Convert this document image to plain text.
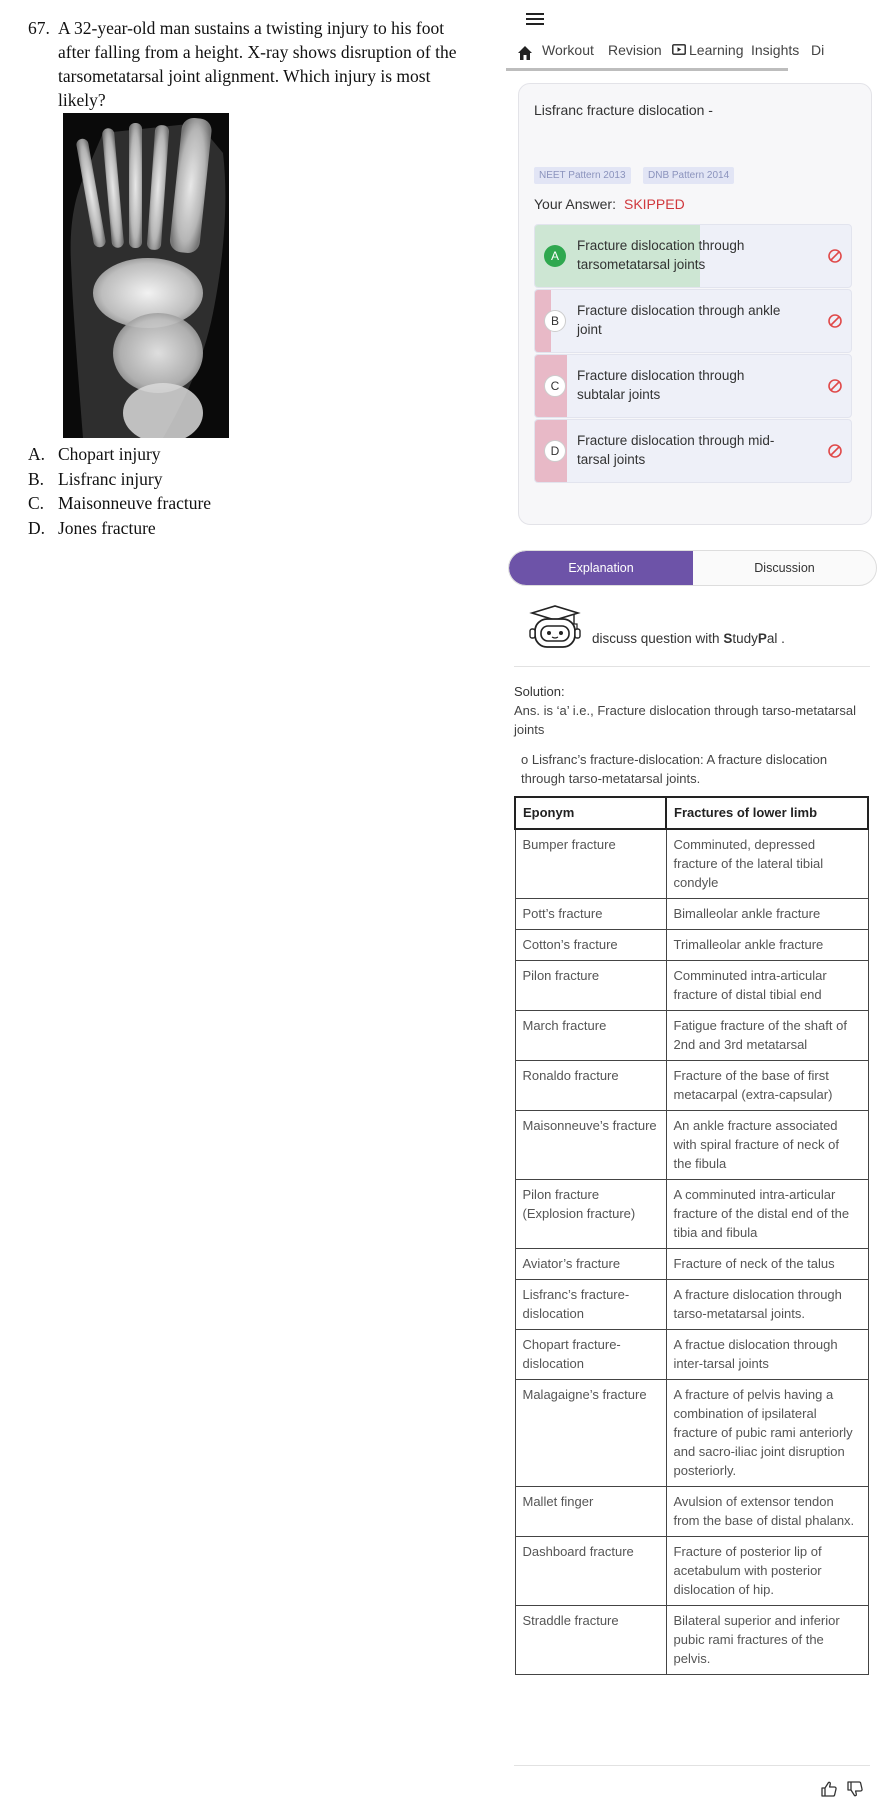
67. A 32-year-old man sustains a twisting injury to his foot after falling from a height. X-ray shows disruption of the tarsometatarsal joint alignment. Which injury is most likely?
A. Chopart injury
B. Lisfranc injury
C. Maisonneuve fracture
D. Jones fracture
Workout Revision	Learning Insights Di
Lisfranc fracture dislocation -
NEET Pattern 2013 DNB Pattern 2014
Your Answer: SKIPPED
A
Fracture dislocation through tarsometatarsal joints
B
Fracture dislocation through ankle joint
C
Fracture dislocation through subtalar joints
D
Fracture dislocation through mid-tarsal joints
Explanation	Discussion
discuss question with StudyPal .
Solution:
Ans. is ‘a’ i.e., Fracture dislocation through tarso-metatarsal joints
o Lisfranc’s fracture-dislocation: A fracture dislocation through tarso-metatarsal joints.
Eponym	Fractures of lower limb
Bumper fracture	Comminuted, depressed fracture of the lateral tibial condyle
Pott’s fracture	Bimalleolar ankle fracture
Cotton’s fracture	Trimalleolar ankle fracture
Pilon fracture	Comminuted intra-articular fracture of distal tibial end
March fracture	Fatigue fracture of the shaft of 2nd and 3rd metatarsal
Ronaldo fracture	Fracture of the base of first metacarpal (extra-capsular)
Maisonneuve’s fracture	An ankle fracture associated with spiral fracture of neck of the fibula
Pilon fracture (Explosion fracture)	A comminuted intra-articular fracture of the distal end of the tibia and fibula
Aviator’s fracture	Fracture of neck of the talus
Lisfranc’s fracture-dislocation	A fracture dislocation through tarso-metatarsal joints.
Chopart fracture-dislocation	A fractue dislocation through inter-tarsal joints
Malagaigne’s fracture	A fracture of pelvis having a combination of ipsilateral fracture of pubic rami anteriorly and sacro-iliac joint disruption posteriorly.
Mallet finger	Avulsion of extensor tendon from the base of distal phalanx.
Dashboard fracture	Fracture of posterior lip of acetabulum with posterior dislocation of hip.
Straddle fracture	Bilateral superior and inferior pubic rami fractures of the pelvis.
